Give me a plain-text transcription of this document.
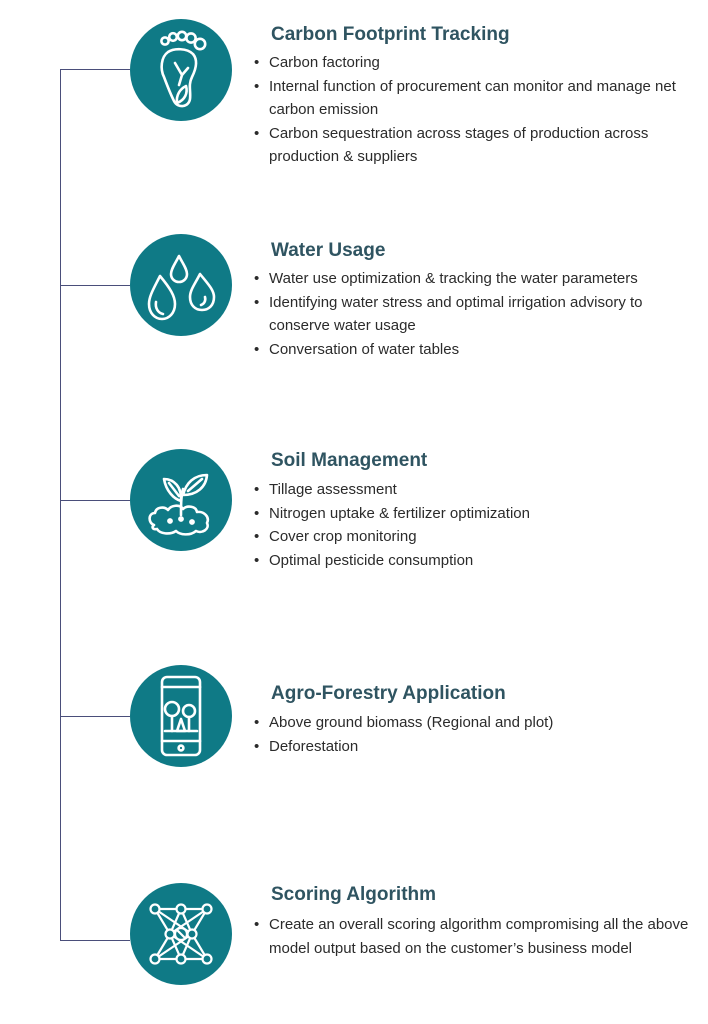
Carbon Footprint Tracking
• Carbon factoring
• Internal function of procurement can monitor and manage net carbon emission
• Carbon sequestration across stages of production across production & suppliers
Water Usage
• Water use optimization & tracking the water parameters
• Identifying water stress and optimal irrigation advisory to conserve water usage
• Conversation of water tables
Soil Management
• Tillage assessment
• Nitrogen uptake & fertilizer optimization
• Cover crop monitoring
• Optimal pesticide consumption
Agro-Forestry Application
• Above ground biomass (Regional and plot)
• Deforestation
Scoring Algorithm
• Create an overall scoring algorithm compromising all the above model output based on the customer’s business model
